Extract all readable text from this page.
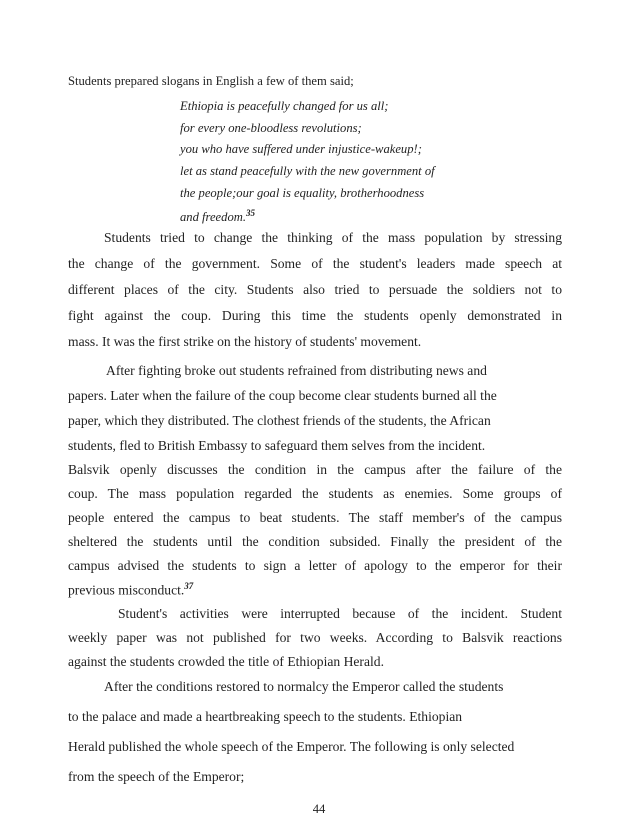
Students prepared slogans in English a few of them said;
Ethiopia is peacefully changed for us all;
for every one-bloodless revolutions;
you who have suffered under injustice-wakeup!;
let as stand peacefully with the new government of
the people;our goal is equality, brotherhoodness
and freedom.$^{35}$
Students tried to change the thinking of the mass population by stressing
the change of the government. Some of the student's leaders made speech at
different places of the city. Students also tried to persuade the soldiers not to
fight against the coup. During this time the students openly demonstrated in
mass. It was the first strike on the history of students' movement.
After fighting broke out students refrained from distributing news and
papers. Later when the failure of the coup become clear students burned all the
paper, which they distributed. The clothest friends of the students, the African
students, fled to British Embassy to safeguard them selves from the incident.
Balsvik openly discusses the condition in the campus after the failure of the
coup. The mass population regarded the students as enemies. Some groups of
people entered the campus to beat students. The staff member's of the campus
sheltered the students until the condition subsided. Finally the president of the
campus advised the students to sign a letter of apology to the emperor for their
previous misconduct.$^{37}$
Student's activities were interrupted because of the incident. Student
weekly paper was not published for two weeks. According to Balsvik reactions
against the students crowded the title of Ethiopian Herald.
After the conditions restored to normalcy the Emperor called the students
to the palace and made a heartbreaking speech to the students. Ethiopian
Herald published the whole speech of the Emperor. The following is only selected
from the speech of the Emperor;
44
